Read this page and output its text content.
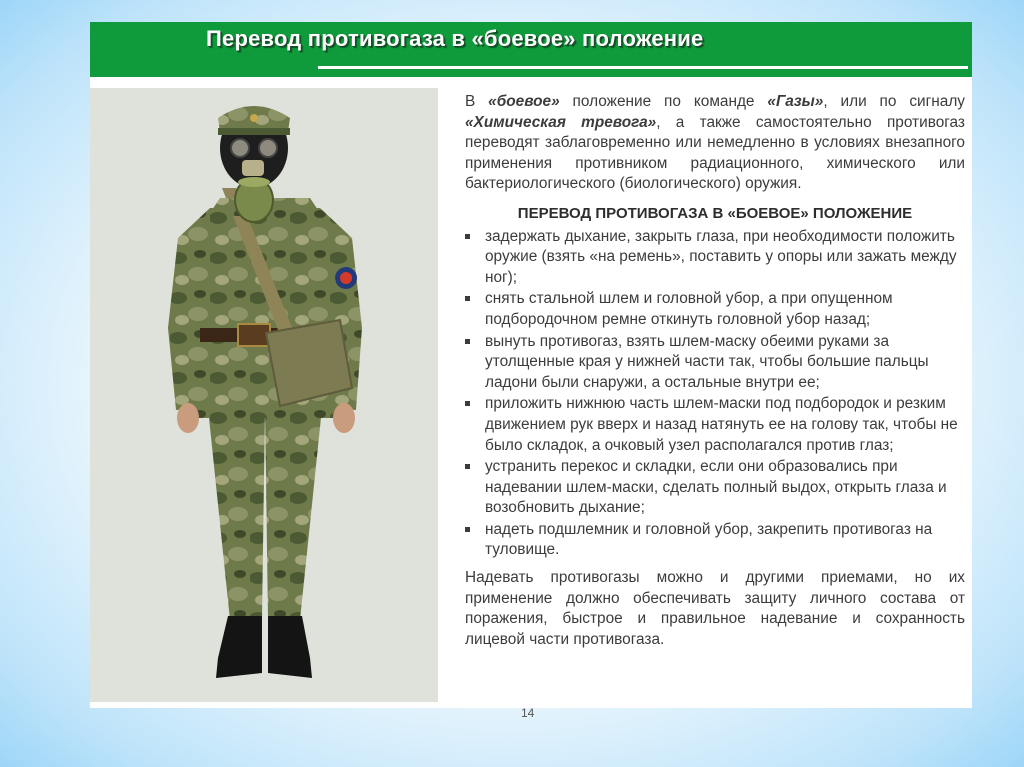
Перевод противогаза в «боевое» положение

В «боевое» положение по команде «Газы», или по сигналу «Химическая тревога», а также самостоятельно противогаз переводят заблаговременно или немедленно в условиях внезапного применения противником радиационного, химического или бактериологического (биологического) оружия.

ПЕРЕВОД ПРОТИВОГАЗА В «БОЕВОЕ» ПОЛОЖЕНИЕ
задержать дыхание, закрыть глаза, при необходимости положить оружие (взять «на ремень», поставить у опоры или зажать между ног);
снять стальной шлем и головной убор, а при опущенном подбородочном ремне откинуть головной убор назад;
вынуть противогаз, взять шлем-маску обеими руками за утолщенные края у нижней части так, чтобы большие пальцы ладони были снаружи, а остальные внутри ее;
приложить нижнюю часть шлем-маски под подбородок и резким движением рук вверх и назад натянуть ее на голову так, чтобы не было складок, а очковый узел располагался против глаз;
устранить перекос и складки, если они образовались при надевании шлем-маски, сделать полный выдох, открыть глаза и возобновить дыхание;
надеть подшлемник и головной убор, закрепить противогаз на туловище.

Надевать противогазы можно и другими приемами, но их применение должно обеспечивать защиту личного состава от поражения, быстрое и правильное надевание и сохранность лицевой части противогаза.

14
